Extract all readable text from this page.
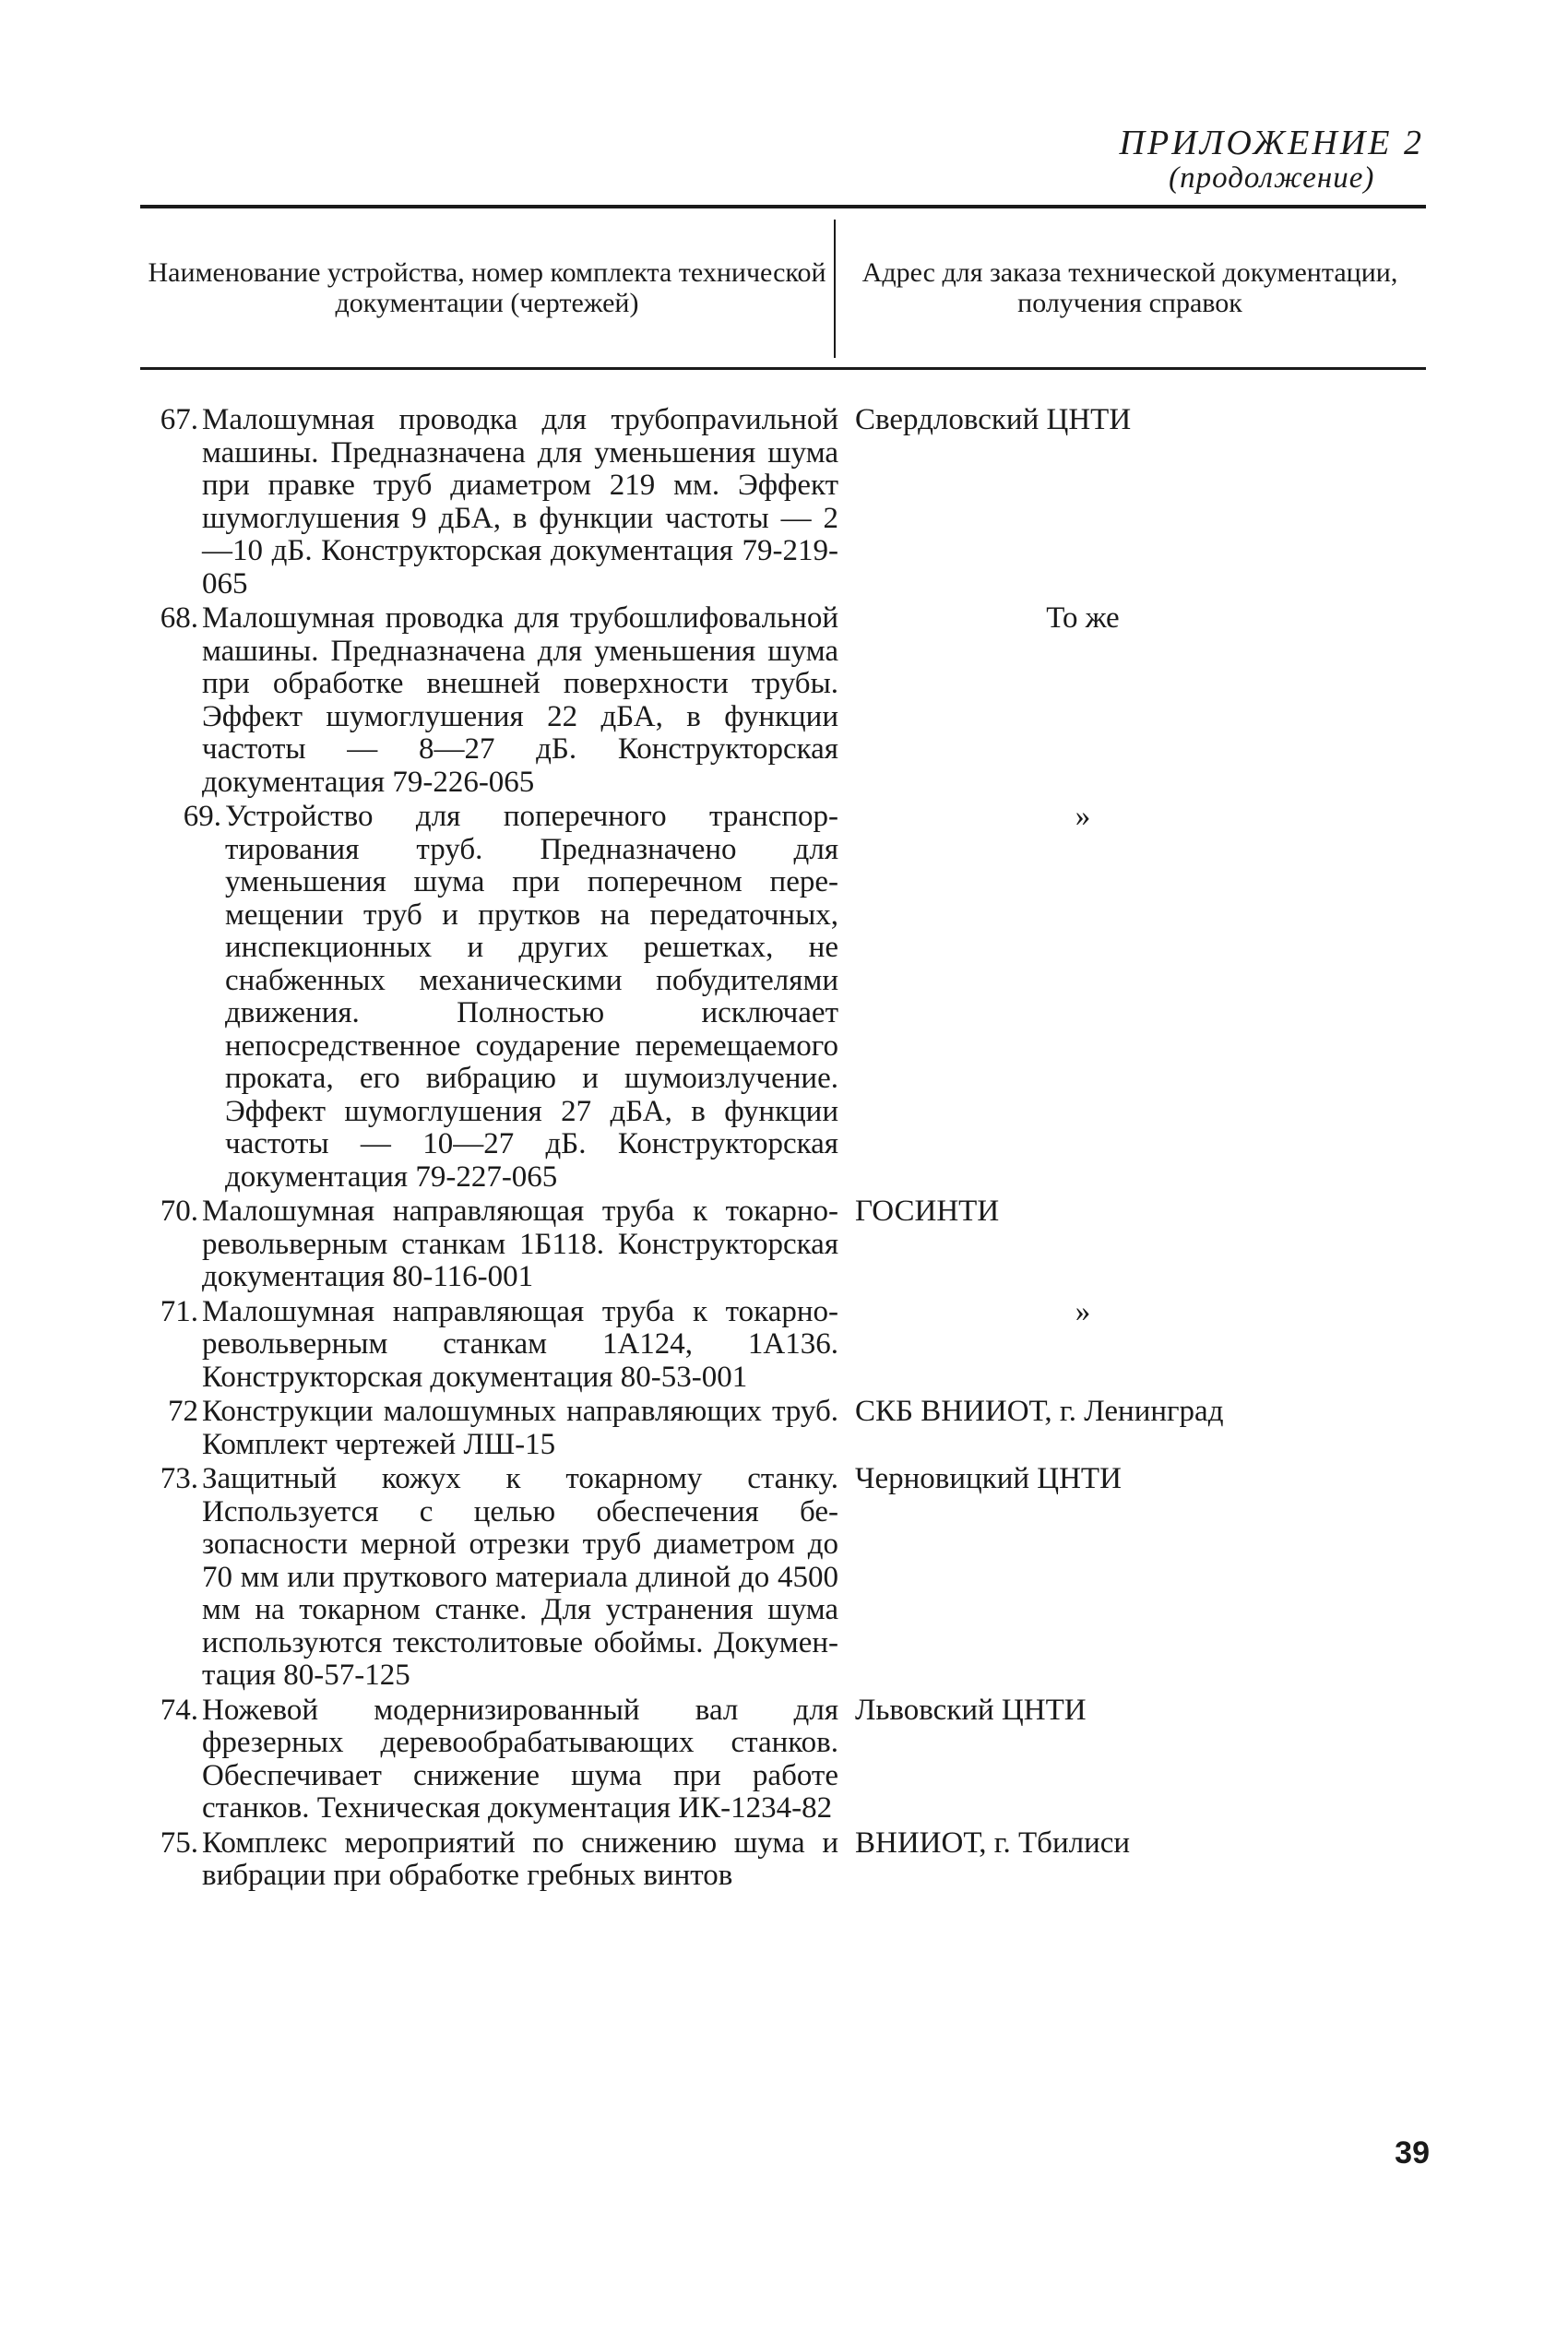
ПРИЛОЖЕНИЕ 2
(продолжение)
Наименование устройства, номер комплекта технической документации (чертежей)
Адрес для заказа технической документации, получения справок
67. Малошумная проводка для трубопраvильной машины. Предназначена для уменьшения шума при правке труб диаметром 219 мм. Эффект шумоглушения 9 дБА, в функции частоты — 2—10 дБ. Конструкторская документация 79-219-065
Свердловский ЦНТИ
68. Малошумная проводка для трубошлифовальной машины. Предназначена для уменьшения шума при обработке внешней поверхности трубы. Эффект шумоглушения 22 дБА, в функции частоты — 8—27 дБ. Конструкторская документация 79-226-065
То же
69. Устройство для поперечного транспортирования труб. Предназначено для уменьшения шума при поперечном перемещении труб и прутков на передаточных, инспекционных и других решетках, не снабженных механическими побудителями движения. Полностью исключает непосредственное соударение перемещаемого проката, его вибрацию и шумоизлучение. Эффект шумоглушения 27 дБА, в функции частоты — 10—27 дБ. Конструкторская документация 79-227-065
»
70. Малошумная направляющая труба к токарно-револьверным станкам 1Б118. Конструкторская документация 80-116-001
ГОСИНТИ
71. Малошумная направляющая труба к токарно-револьверным станкам 1А124, 1А136. Конструкторская документация 80-53-001
»
72 Конструкции малошумных направляющих труб. Комплект чертежей ЛШ-15
СКБ ВНИИОТ, г. Ленинград
73. Защитный кожух к токарному станку. Используется с целью обеспечения безопасности мерной отрезки труб диаметром до 70 мм или пруткового материала длиной до 4500 мм на токарном станке. Для устранения шума используются текстолитовые обоймы. Документация 80-57-125
Черновицкий ЦНТИ
74. Ножевой модернизированный вал для фрезерных деревообрабатывающих станков. Обеспечивает снижение шума при работе станков. Техническая документация ИК-1234-82
Львовский ЦНТИ
75. Комплекс мероприятий по снижению шума и вибрации при обработке гребных винтов
ВНИИОТ, г. Тбилиси
39
